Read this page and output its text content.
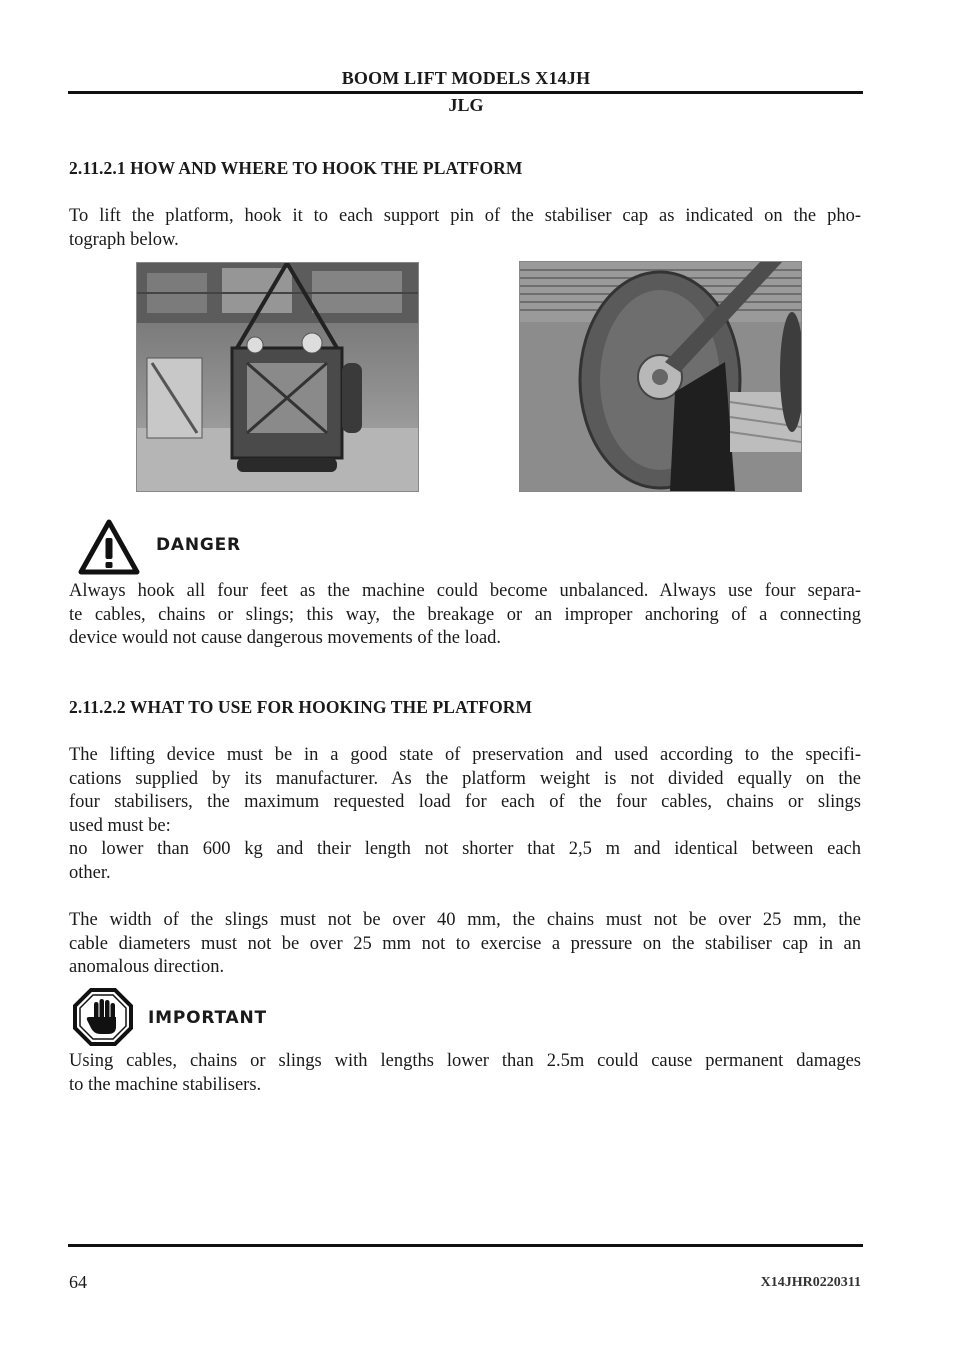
BOOM LIFT MODELS X14JH
JLG
2.11.2.1 HOW AND WHERE TO HOOK THE PLATFORM
To lift the platform, hook it to each support pin of the stabiliser cap as indicated on the pho-
tograph below.
DANGER
Always hook all four feet as the machine could become unbalanced. Always use four separa-
te cables, chains or slings; this way, the breakage or an improper anchoring of a connecting
device would not cause dangerous movements of the load.
2.11.2.2 WHAT TO USE FOR HOOKING THE PLATFORM
The lifting device must be in a good state of preservation and used according to the specifi-
cations supplied by its manufacturer. As the platform weight is not divided equally on the
four stabilisers, the maximum requested load for each of the four cables, chains or slings
used must be:
no lower than 600 kg and their length not shorter that 2,5 m and identical between each
other.
The width of the slings must not be over 40 mm, the chains must not be over 25 mm, the
cable diameters must not be over 25 mm not to exercise a pressure on the stabiliser cap in an
anomalous direction.
IMPORTANT
Using cables, chains or slings with lengths lower than 2.5m could cause permanent damages
to the machine stabilisers.
64	X14JHR0220311
